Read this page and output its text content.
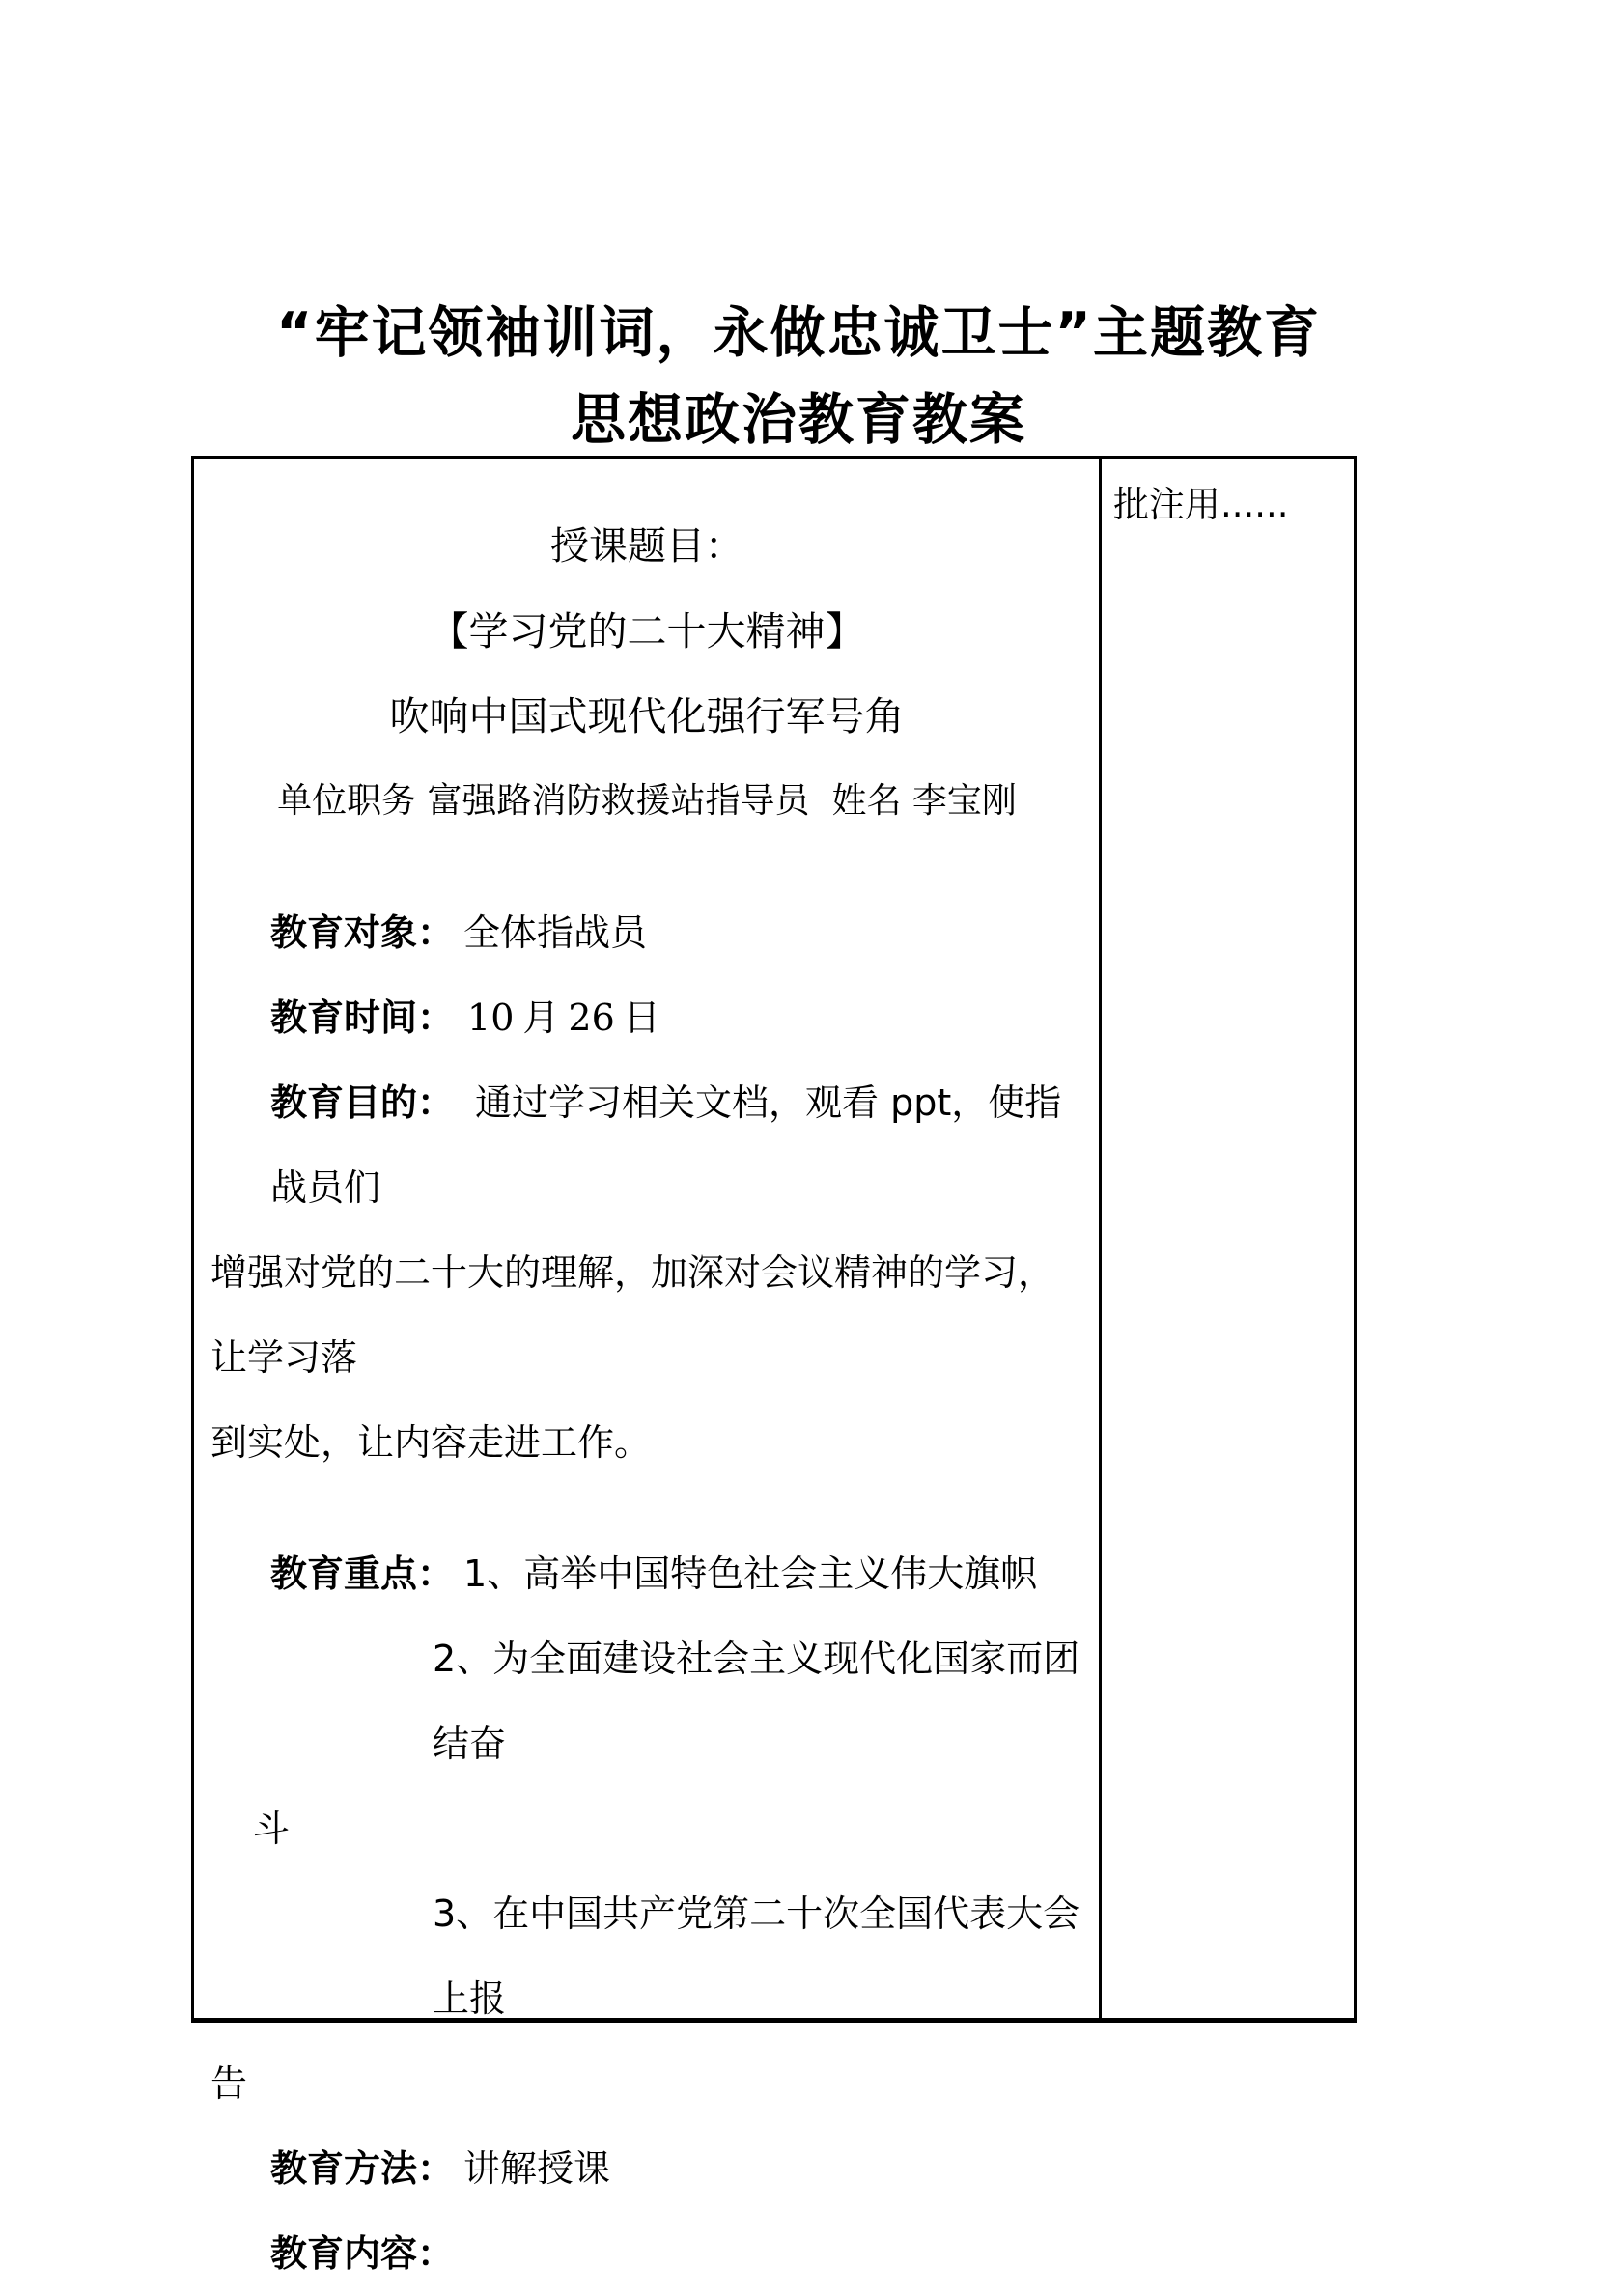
“牢记领袖训词，永做忠诚卫士”主题教育
思想政治教育教案
授课题目：
【学习党的二十大精神】
吹响中国式现代化强行军号角
单位职务 富强路消防救援站指导员  姓名 李宝刚
教育对象： 全体指战员
教育时间： 10 月 26 日
教育目的： 通过学习相关文档，观看 ppt，使指战员们
增强对党的二十大的理解，加深对会议精神的学习，让学习落
到实处，让内容走进工作。
教育重点： 1、高举中国特色社会主义伟大旗帜
2、为全面建设社会主义现代化国家而团结奋
斗
3、在中国共产党第二十次全国代表大会上报
告
教育方法： 讲解授课
教育内容：
批注用......
